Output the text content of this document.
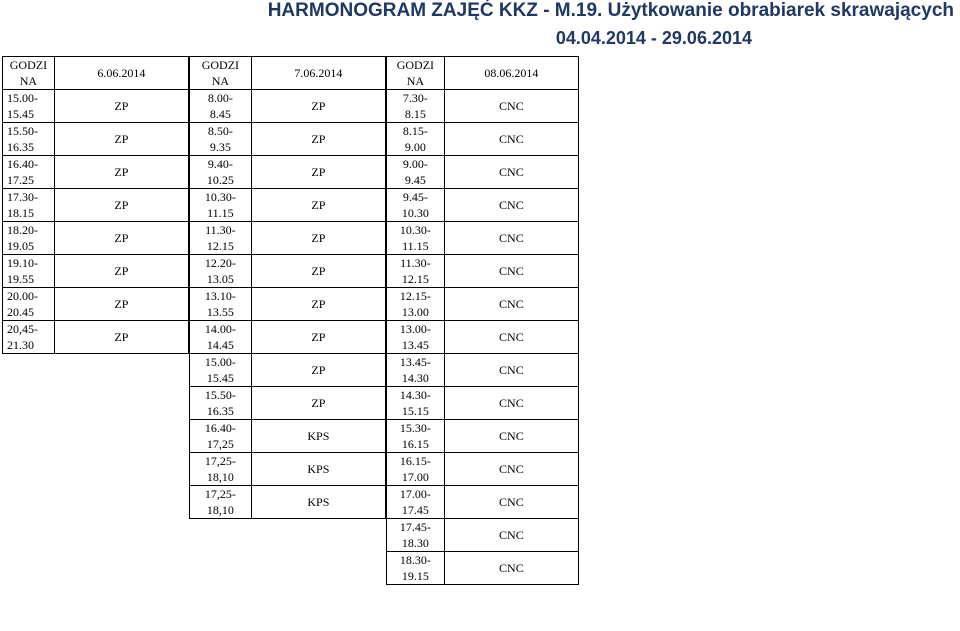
HARMONOGRAM ZAJĘĆ KKZ - M.19. Użytkowanie obrabiarek skrawających
04.04.2014 - 29.06.2014
GODZI
NA	6.06.2014
15.00-
15.45	ZP
15.50-
16.35	ZP
16.40-
17.25	ZP
17.30-
18.15	ZP
18.20-
19.05	ZP
19.10-
19.55	ZP
20.00-
20.45	ZP
20,45-
21.30	ZP
GODZI
NA	7.06.2014
8.00-
8.45	ZP
8.50-
9.35	ZP
9.40-
10.25	ZP
10.30-
11.15	ZP
11.30-
12.15	ZP
12.20-
13.05	ZP
13.10-
13.55	ZP
14.00-
14.45	ZP
15.00-
15.45	ZP
15.50-
16.35	ZP
16.40-
17,25	KPS
17,25-
18,10	KPS
17,25-
18,10	KPS
GODZI
NA	08.06.2014
7.30-
8.15	CNC
8.15-
9.00	CNC
9.00-
9.45	CNC
9.45-
10.30	CNC
10.30-
11.15	CNC
11.30-
12.15	CNC
12.15-
13.00	CNC
13.00-
13.45	CNC
13.45-
14.30	CNC
14.30-
15.15	CNC
15.30-
16.15	CNC
16.15-
17.00	CNC
17.00-
17.45	CNC
17.45-
18.30	CNC
18.30-
19.15	CNC
